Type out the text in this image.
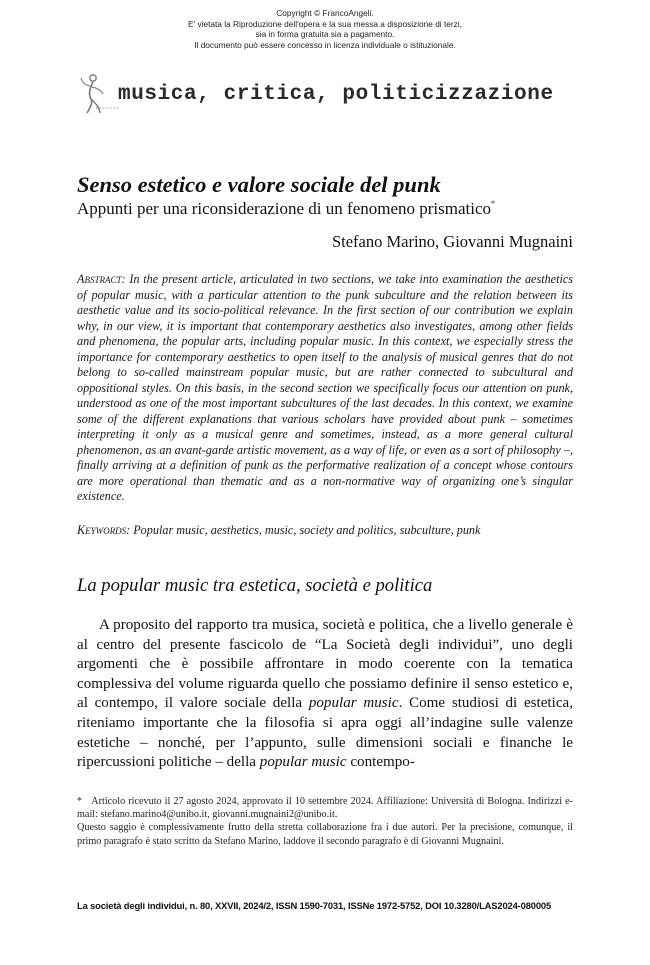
Copyright © FrancoAngeli.
E' vietata la Riproduzione dell'opera e la sua messa a disposizione di terzi,
sia in forma gratuita sia a pagamento.
Il documento può essere concesso in licenza individuale o istituzionale.
musica, critica, politicizzazione
Senso estetico e valore sociale del punk
Appunti per una riconsiderazione di un fenomeno prismatico*
Stefano Marino, Giovanni Mugnaini

Abstract: In the present article, articulated in two sections, we take into examination the aesthetics of popular music, with a particular attention to the punk subculture and the relation between its aesthetic value and its socio-political relevance. In the first section of our contribution we explain why, in our view, it is important that contemporary aesthetics also investigates, among other fields and phenomena, the popular arts, including popular music. In this context, we especially stress the importance for contemporary aesthetics to open itself to the analysis of musical genres that do not belong to so-called mainstream popular music, but are rather connected to subcultural and oppositional styles. On this basis, in the second section we specifically focus our attention on punk, understood as one of the most important subcultures of the last decades. In this context, we examine some of the different explanations that various scholars have provided about punk – sometimes interpreting it only as a musical genre and sometimes, instead, as a more general cultural phenomenon, as an avant-garde artistic movement, as a way of life, or even as a sort of philosophy –, finally arriving at a definition of punk as the performative realization of a concept whose contours are more operational than thematic and as a non-normative way of organizing one’s singular existence.

Keywords: Popular music, aesthetics, music, society and politics, subculture, punk

La popular music tra estetica, società e politica

A proposito del rapporto tra musica, società e politica, che a livello generale è al centro del presente fascicolo de “La Società degli individui”, uno degli argomenti che è possibile affrontare in modo coerente con la tematica complessiva del volume riguarda quello che possiamo definire il senso estetico e, al contempo, il valore sociale della popular music. Come studiosi di estetica, riteniamo importante che la filosofia si apra oggi all’indagine sulle valenze estetiche – nonché, per l’appunto, sulle dimensioni sociali e finanche le ripercussioni politiche – della popular music contempo-

* Articolo ricevuto il 27 agosto 2024, approvato il 10 settembre 2024. Affiliazione: Università di Bologna. Indirizzi e-mail: stefano.marino4@unibo.it, giovanni.mugnaini2@unibo.it.

Questo saggio è complessivamente frutto della stretta collaborazione fra i due autori. Per la precisione, comunque, il primo paragrafo è stato scritto da Stefano Marino, laddove il secondo paragrafo è di Giovanni Mugnaini.

La società degli individui, n. 80, XXVII, 2024/2, ISSN 1590-7031, ISSNe 1972-5752, DOI 10.3280/LAS2024-080005
